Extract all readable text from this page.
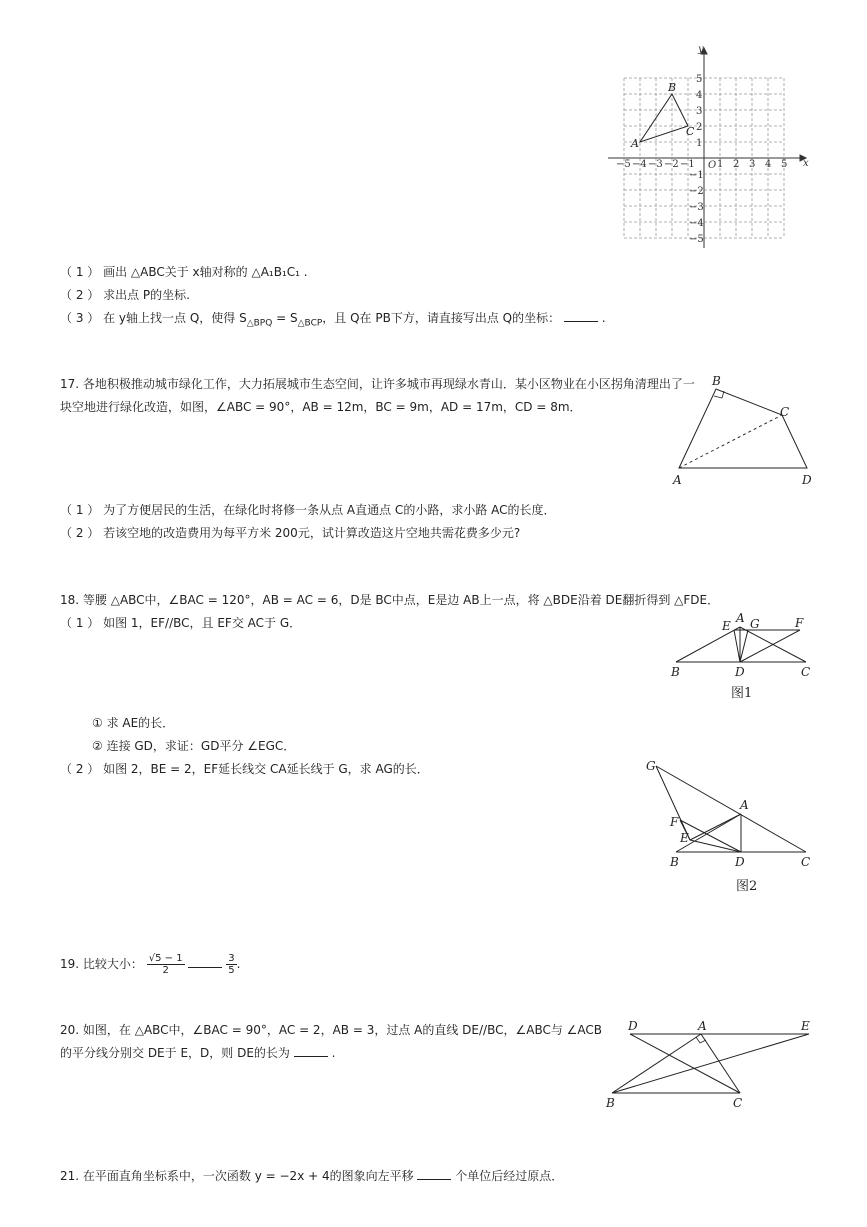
−5 −4 −3 −2 −1 1 2 3 4 5
1
2
3
4
5
−1
−2
−3
−4
−5
O	x
y
A
B
C
（ 1 ） 画出 △ABC关于 x轴对称的 △A₁B₁C₁ .
（ 2 ） 求出点 P的坐标.
（ 3 ） 在 y轴上找一点 Q，使得 $S_{\triangle BPQ} = S_{\triangle BCP}$，且 Q在 PB下方，请直接写出点 Q的坐标：	.
17. 各地积极推动城市绿化工作，大力拓展城市生态空间，让许多城市再现绿水青山．某小区物业在小区拐角清理出了一
块空地进行绿化改造，如图，∠ABC = 90°，AB = 12m，BC = 9m，AD = 17m，CD = 8m．
B
C
A	D
（ 1 ） 为了方便居民的生活，在绿化时将修一条从点 A直通点 C的小路，求小路 AC的长度．
（ 2 ） 若该空地的改造费用为每平方米 200元，试计算改造这片空地共需花费多少元?
18. 等腰 △ABC中，∠BAC = 120°，AB = AC = 6，D是 BC中点，E是边 AB上一点，将 △BDE沿着 DE翻折得到 △FDE．
（ 1 ） 如图 1，EF//BC，且 EF交 AC于 G．	E
A G	F
B	D	C
图1
① 求 AE的长．
② 连接 GD，求证：GD平分 ∠EGC．
（ 2 ） 如图 2，BE = 2，EF延长线交 CA延长线于 G，求 AG的长．	G
A
F
E
B	D	C
图2
19. 比较大小： $\frac{√5 - 1}{2}$
	$\frac{3}{5}$ .
20. 如图，在 △ABC中，∠BAC = 90°，AC = 2，AB = 3，过点 A的直线 DE//BC，∠ABC与 ∠ACB
的平分线分别交 DE于 E，D，则 DE的长为	.
D	A	E
B	C
21. 在平面直角坐标系中，一次函数 y = −2x + 4的图象向左平移	个单位后经过原点．
